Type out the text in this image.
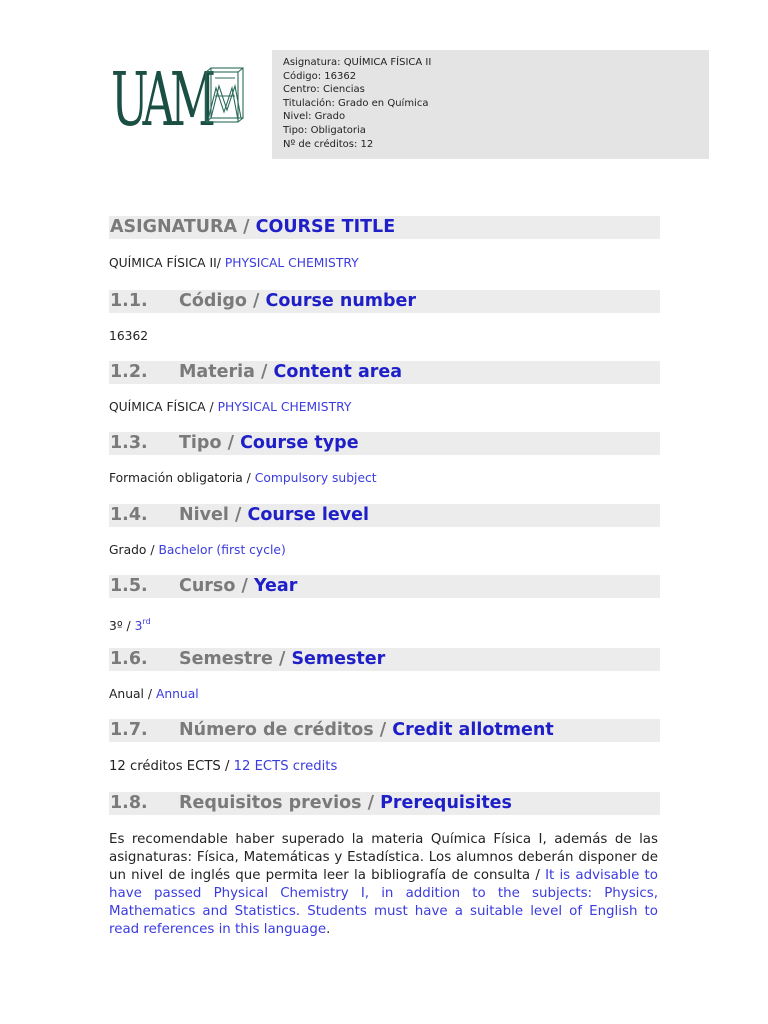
UAM	Asignatura: QUÍMICA FÍSICA II
Código: 16362
Centro: Ciencias
Titulación: Grado en Química
Nivel: Grado
Tipo: Obligatoria
Nº de créditos: 12
ASIGNATURA / COURSE TITLE
QUÍMICA FÍSICA II/ PHYSICAL CHEMISTRY
1.1. Código / Course number
16362
1.2. Materia / Content area
QUÍMICA FÍSICA / PHYSICAL CHEMISTRY
1.3. Tipo / Course type
Formación obligatoria / Compulsory subject
1.4. Nivel / Course level
Grado / Bachelor (first cycle)
1.5. Curso / Year
3º / 3rd
1.6. Semestre / Semester
Anual / Annual
1.7. Número de créditos / Credit allotment
12 créditos ECTS / 12 ECTS credits
1.8. Requisitos previos / Prerequisites
Es recomendable haber superado la materia Química Física I, además de las asignaturas: Física, Matemáticas y Estadística. Los alumnos deberán disponer de un nivel de inglés que permita leer la bibliografía de consulta / It is advisable to have passed Physical Chemistry I, in addition to the subjects: Physics, Mathematics and Statistics. Students must have a suitable level of English to read references in this language.
